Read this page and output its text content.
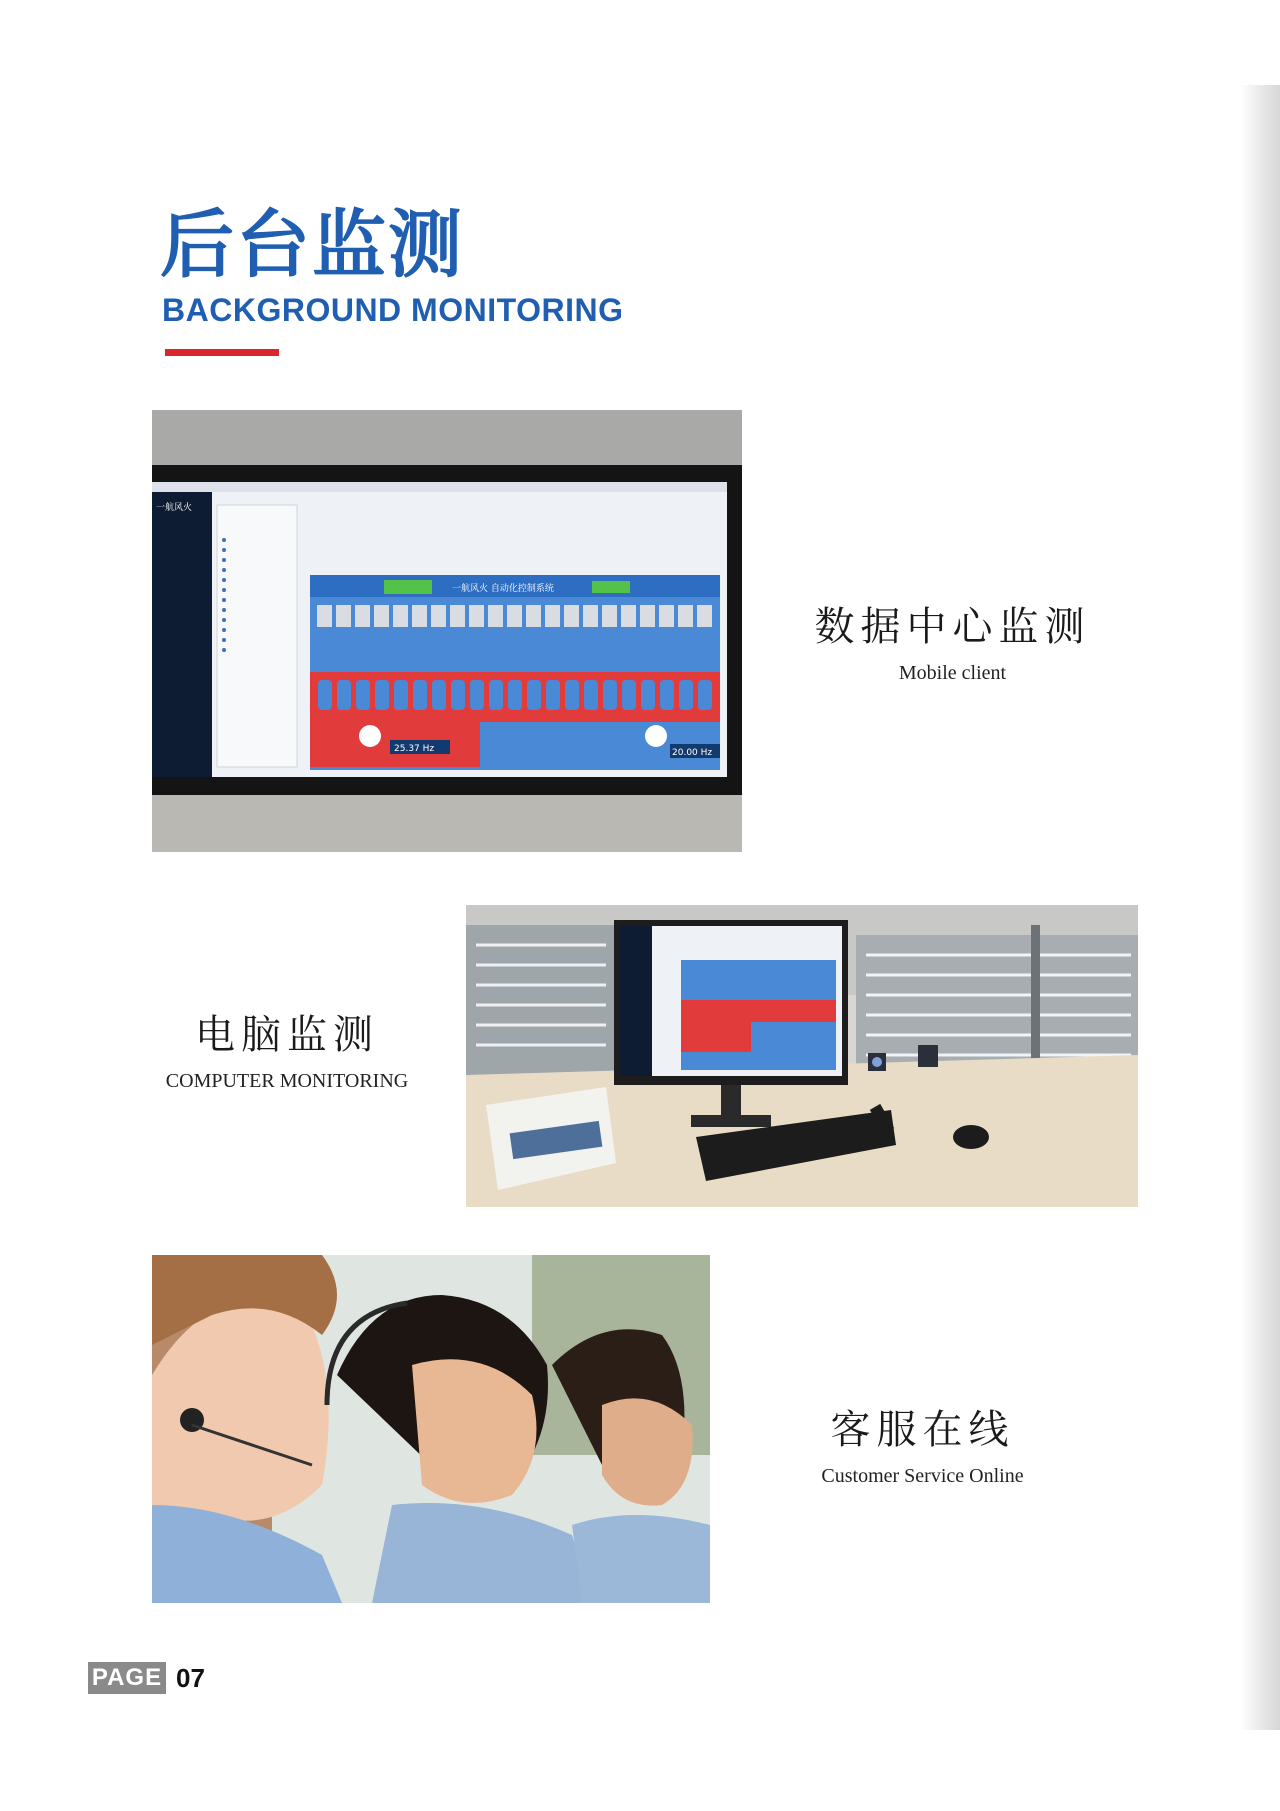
后台监测
BACKGROUND MONITORING
一航风火
一航风火 自动化控制系统
25.37 Hz	20.00 Hz

数据中心监测

Mobile client

电脑监测

COMPUTER MONITORING

客服在线

Customer Service Online

PAGE 07
